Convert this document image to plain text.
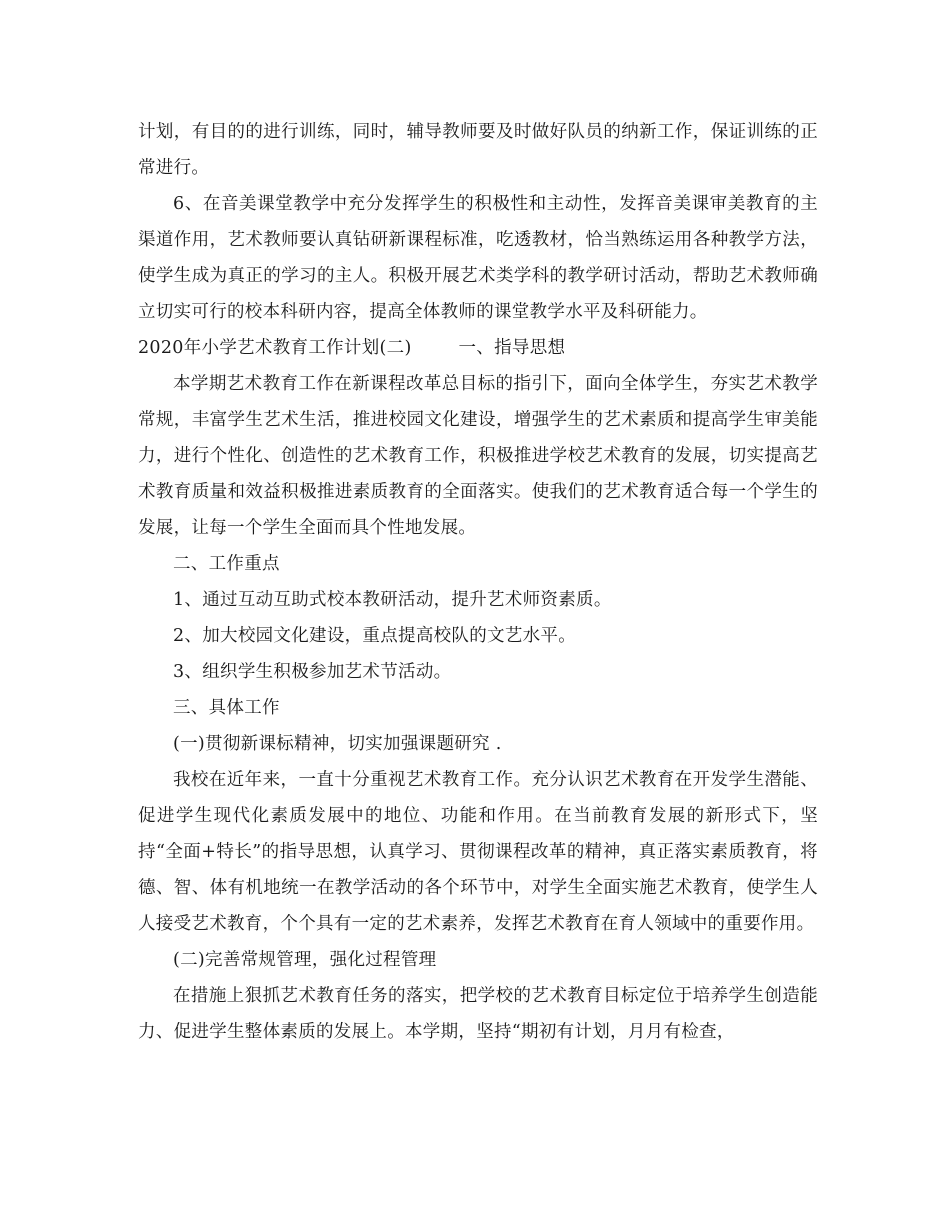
计划，有目的的进行训练，同时，辅导教师要及时做好队员的纳新工作，保证训练的正常进行。

6、在音美课堂教学中充分发挥学生的积极性和主动性，发挥音美课审美教育的主渠道作用，艺术教师要认真钻研新课程标准，吃透教材，恰当熟练运用各种教学方法，使学生成为真正的学习的主人。积极开展艺术类学科的教学研讨活动，帮助艺术教师确立切实可行的校本科研内容，提高全体教师的课堂教学水平及科研能力。

2020年小学艺术教育工作计划(二)        一、指导思想

本学期艺术教育工作在新课程改革总目标的指引下，面向全体学生，夯实艺术教学常规，丰富学生艺术生活，推进校园文化建设，增强学生的艺术素质和提高学生审美能力，进行个性化、创造性的艺术教育工作，积极推进学校艺术教育的发展，切实提高艺术教育质量和效益积极推进素质教育的全面落实。使我们的艺术教育适合每一个学生的发展，让每一个学生全面而具个性地发展。

二、工作重点

1、通过互动互助式校本教研活动，提升艺术师资素质。

2、加大校园文化建设，重点提高校队的文艺水平。

3、组织学生积极参加艺术节活动。

三、具体工作

(一)贯彻新课标精神，切实加强课题研究 .

我校在近年来，一直十分重视艺术教育工作。充分认识艺术教育在开发学生潜能、促进学生现代化素质发展中的地位、功能和作用。在当前教育发展的新形式下，坚持“全面+特长”的指导思想，认真学习、贯彻课程改革的精神，真正落实素质教育，将德、智、体有机地统一在教学活动的各个环节中，对学生全面实施艺术教育，使学生人人接受艺术教育，个个具有一定的艺术素养，发挥艺术教育在育人领域中的重要作用。

(二)完善常规管理，强化过程管理

在措施上狠抓艺术教育任务的落实，把学校的艺术教育目标定位于培养学生创造能力、促进学生整体素质的发展上。本学期，坚持“期初有计划，月月有检查，
